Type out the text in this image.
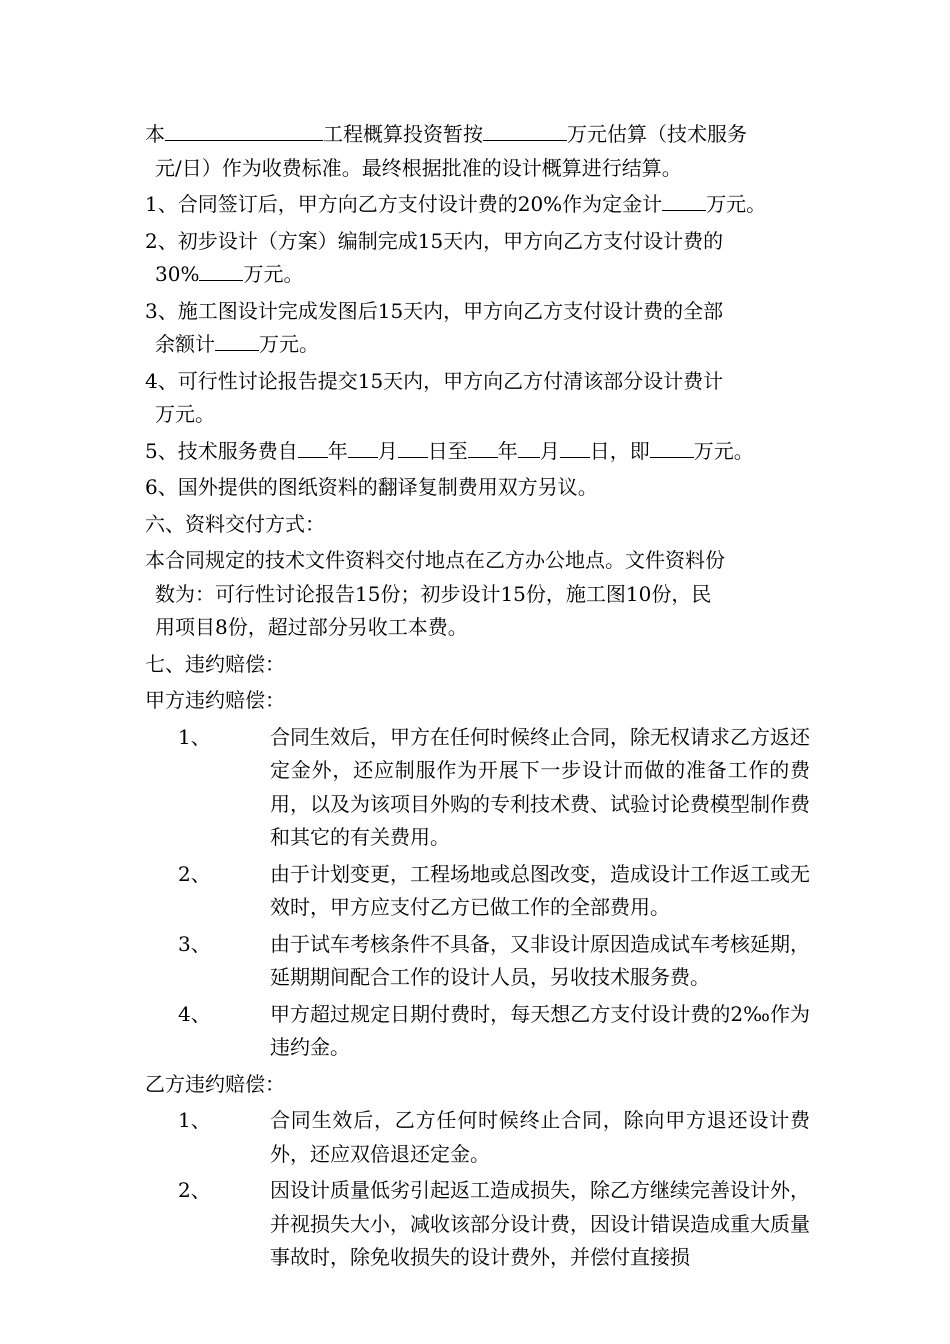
本	工程概算投资暂按	万元估算（技术服务
元/日）作为收费标准。最终根据批准的设计概算进行结算。

1、合同签订后，甲方向乙方支付设计费的20%作为定金计 万元。

2、初步设计（方案）编制完成15天内，甲方向乙方支付设计费的
30% 万元。

3、施工图设计完成发图后15天内，甲方向乙方支付设计费的全部
余额计 万元。

4、可行性讨论报告提交15天内，甲方向乙方付清该部分设计费计
万元。

5、技术服务费自 年 月 日至 年 月 日，即 万元。

6、国外提供的图纸资料的翻译复制费用双方另议。

六、资料交付方式：

本合同规定的技术文件资料交付地点在乙方办公地点。文件资料份
数为：可行性讨论报告15份；初步设计15份，施工图10份，民
用项目8份，超过部分另收工本费。

七、违约赔偿：

甲方违约赔偿：

1、	合同生效后，甲方在任何时候终止合同，除无权请求乙方返还定金外，还应制服作为开展下一步设计而做的准备工作的费用，以及为该项目外购的专利技术费、试验讨论费模型制作费和其它的有关费用。
2、	由于计划变更，工程场地或总图改变，造成设计工作返工或无效时，甲方应支付乙方已做工作的全部费用。
3、	由于试车考核条件不具备，又非设计原因造成试车考核延期，延期期间配合工作的设计人员，另收技术服务费。
4、	甲方超过规定日期付费时，每天想乙方支付设计费的2‰作为违约金。

乙方违约赔偿：

1、	合同生效后，乙方任何时候终止合同，除向甲方退还设计费外，还应双倍退还定金。
2、	因设计质量低劣引起返工造成损失，除乙方继续完善设计外，并视损失大小，减收该部分设计费，因设计错误造成重大质量事故时，除免收损失的设计费外，并偿付直接损
